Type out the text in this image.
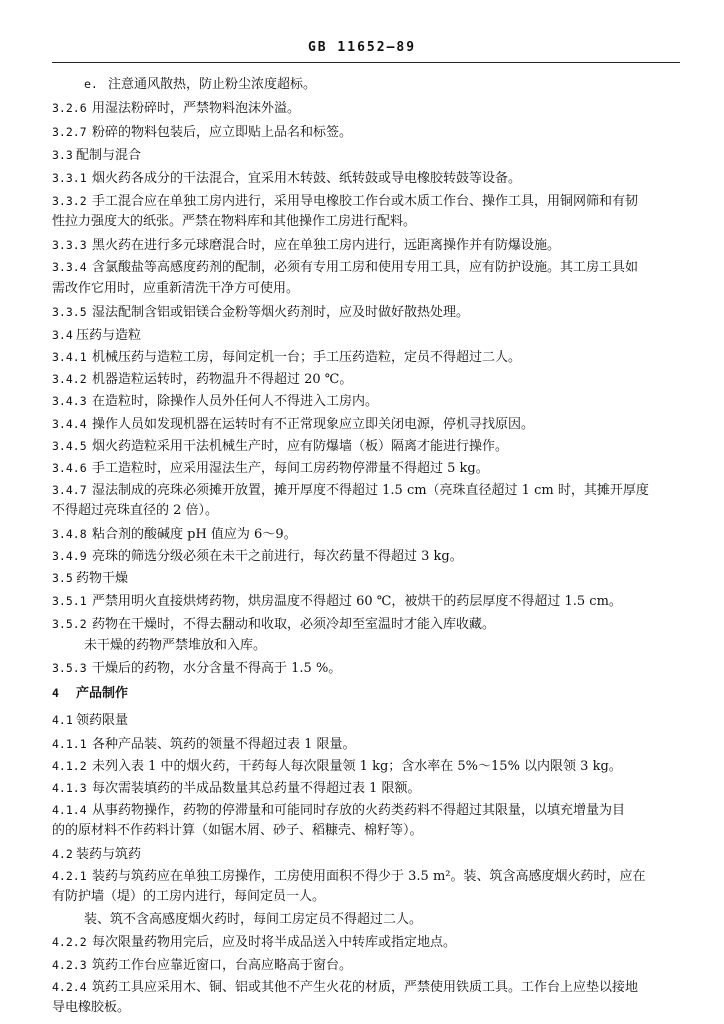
GB 11652—89
e. 注意通风散热，防止粉尘浓度超标。
3.2.6 用湿法粉碎时，严禁物料泡沫外溢。
3.2.7 粉碎的物料包装后，应立即贴上品名和标签。
3.3 配制与混合
3.3.1 烟火药各成分的干法混合，宜采用木转鼓、纸转鼓或导电橡胶转鼓等设备。
3.3.2 手工混合应在单独工房内进行，采用导电橡胶工作台或木质工作台、操作工具，用铜网筛和有韧
性拉力强度大的纸张。严禁在物料库和其他操作工房进行配料。
3.3.3 黑火药在进行多元球磨混合时，应在单独工房内进行，远距离操作并有防爆设施。
3.3.4 含氯酸盐等高感度药剂的配制，必须有专用工房和使用专用工具，应有防护设施。其工房工具如
需改作它用时，应重新清洗干净方可使用。
3.3.5 湿法配制含铝或铝镁合金粉等烟火药剂时，应及时做好散热处理。
3.4 压药与造粒
3.4.1 机械压药与造粒工房，每间定机一台；手工压药造粒，定员不得超过二人。
3.4.2 机器造粒运转时，药物温升不得超过 20 ℃。
3.4.3 在造粒时，除操作人员外任何人不得进入工房内。
3.4.4 操作人员如发现机器在运转时有不正常现象应立即关闭电源，停机寻找原因。
3.4.5 烟火药造粒采用干法机械生产时，应有防爆墙（板）隔离才能进行操作。
3.4.6 手工造粒时，应采用湿法生产，每间工房药物停滞量不得超过 5 kg。
3.4.7 湿法制成的亮珠必须摊开放置，摊开厚度不得超过 1.5 cm（亮珠直径超过 1 cm 时，其摊开厚度
不得超过亮珠直径的 2 倍）。
3.4.8 粘合剂的酸碱度 pH 值应为 6～9。
3.4.9 亮珠的筛选分级必须在未干之前进行，每次药量不得超过 3 kg。
3.5 药物干燥
3.5.1 严禁用明火直接烘烤药物，烘房温度不得超过 60 ℃，被烘干的药层厚度不得超过 1.5 cm。
3.5.2 药物在干燥时，不得去翻动和收取，必须冷却至室温时才能入库收藏。
未干燥的药物严禁堆放和入库。
3.5.3 干燥后的药物，水分含量不得高于 1.5 %。
4 产品制作
4.1 领药限量
4.1.1 各种产品装、筑药的领量不得超过表 1 限量。
4.1.2 未列入表 1 中的烟火药，干药每人每次限量领 1 kg；含水率在 5%～15% 以内限领 3 kg。
4.1.3 每次需装填药的半成品数量其总药量不得超过表 1 限额。
4.1.4 从事药物操作，药物的停滞量和可能同时存放的火药类药料不得超过其限量，以填充增量为目
的的原材料不作药料计算（如锯木屑、砂子、稻糠壳、棉籽等）。
4.2 装药与筑药
4.2.1 装药与筑药应在单独工房操作，工房使用面积不得少于 3.5 m²。装、筑含高感度烟火药时，应在
有防护墙（堤）的工房内进行，每间定员一人。
装、筑不含高感度烟火药时，每间工房定员不得超过二人。
4.2.2 每次限量药物用完后，应及时将半成品送入中转库或指定地点。
4.2.3 筑药工作台应靠近窗口，台高应略高于窗台。
4.2.4 筑药工具应采用木、铜、铝或其他不产生火花的材质，严禁使用铁质工具。工作台上应垫以接地
导电橡胶板。
